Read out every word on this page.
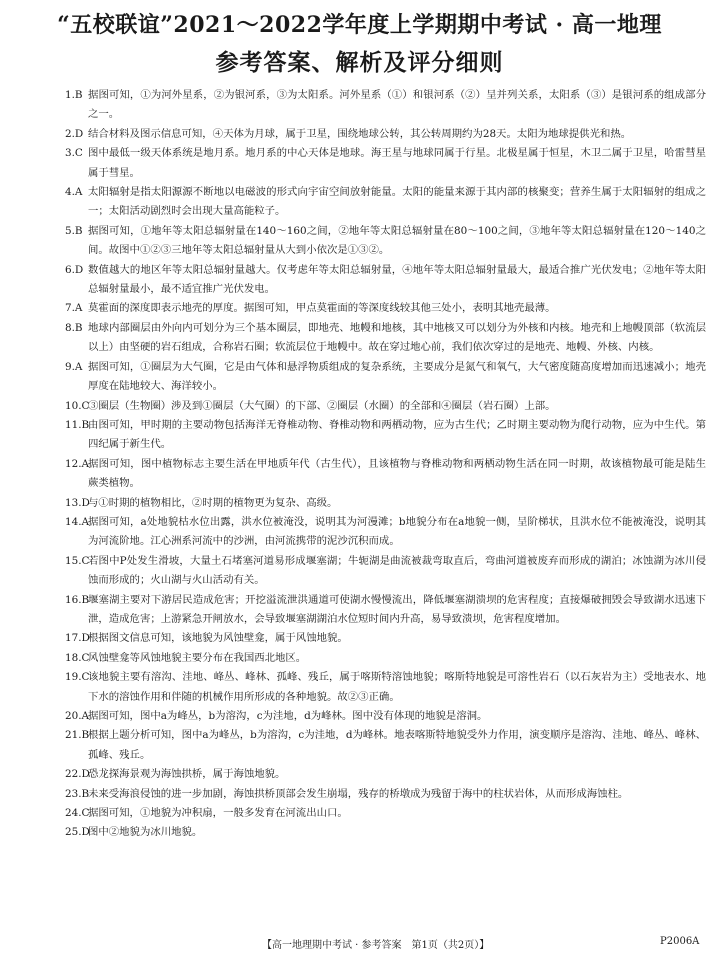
“五校联谊”2021～2022学年度上学期期中考试 · 高一地理
参考答案、解析及评分细则
1.B 据图可知，①为河外星系，②为银河系，③为太阳系。河外星系（①）和银河系（②）呈并列关系，太阳系（③）是银河系的组成部分之一。
2.D 结合材料及图示信息可知，④天体为月球，属于卫星，围绕地球公转，其公转周期约为28天。太阳为地球提供光和热。
3.C 图中最低一级天体系统是地月系。地月系的中心天体是地球。海王星与地球同属于行星。北极星属于恒星，木卫二属于卫星，哈雷彗星属于彗星。
4.A 太阳辐射是指太阳源源不断地以电磁波的形式向宇宙空间放射能量。太阳的能量来源于其内部的核聚变；营养生属于太阳辐射的组成之一；太阳活动剧烈时会出现大量高能粒子。
5.B 据图可知，①地年等太阳总辐射量在140～160之间，②地年等太阳总辐射量在80～100之间，③地年等太阳总辐射量在120～140之间。故图中①②③三地年等太阳总辐射量从大到小依次是①③②。
6.D 数值越大的地区年等太阳总辐射量越大。仅考虑年等太阳总辐射量，④地年等太阳总辐射量最大，最适合推广光伏发电；②地年等太阳总辐射量最小，最不适宜推广光伏发电。
7.A 莫霍面的深度即表示地壳的厚度。据图可知，甲点莫霍面的等深度线较其他三处小，表明其地壳最薄。
8.B 地球内部圈层由外向内可划分为三个基本圈层，即地壳、地幔和地核，其中地核又可以划分为外核和内核。地壳和上地幔顶部（软流层以上）由坚硬的岩石组成，合称岩石圈；软流层位于地幔中。故在穿过地心前，我们依次穿过的是地壳、地幔、外核、内核。
9.A 据图可知，①圈层为大气圈，它是由气体和悬浮物质组成的复杂系统，主要成分是氮气和氧气，大气密度随高度增加而迅速减小；地壳厚度在陆地较大、海洋较小。
10.C
③圈层（生物圈）涉及到①圈层（大气圈）的下部、②圈层（水圈）的全部和④圈层（岩石圈）上部。
11.B
由图可知，甲时期的主要动物包括海洋无脊椎动物、脊椎动物和两栖动物，应为古生代；乙时期主要动物为爬行动物，应为中生代。第四纪属于新生代。
12.A
据图可知，图中植物标志主要生活在甲地质年代（古生代），且该植物与脊椎动物和两栖动物生活在同一时期，故该植物最可能是陆生蕨类植物。
13.D
与①时期的植物相比，②时期的植物更为复杂、高级。
14.A
据图可知，a处地貌枯水位出露，洪水位被淹没，说明其为河漫滩；b地貌分布在a地貌一侧，呈阶梯状，且洪水位不能被淹没，说明其为河流阶地。江心洲系河流中的沙洲，由河流携带的泥沙沉积而成。
15.C
若图中P处发生滑坡，大量土石堵塞河道易形成堰塞湖；牛轭湖是曲流被裁弯取直后，弯曲河道被废弃而形成的湖泊；冰蚀湖为冰川侵蚀而形成的；火山湖与火山活动有关。
16.B
堰塞湖主要对下游居民造成危害；开挖溢流泄洪通道可使湖水慢慢流出，降低堰塞湖溃坝的危害程度；直接爆破拥毁会导致湖水迅速下泄，造成危害；上游紧急开闸放水，会导致堰塞湖湖泊水位短时间内升高，易导致溃坝，危害程度增加。
17.D
根据图文信息可知，该地貌为风蚀壁龛，属于风蚀地貌。
18.C
风蚀壁龛等风蚀地貌主要分布在我国西北地区。
19.C
该地貌主要有溶沟、洼地、峰丛、峰林、孤峰、残丘，属于喀斯特溶蚀地貌；喀斯特地貌是可溶性岩石（以石灰岩为主）受地表水、地下水的溶蚀作用和伴随的机械作用所形成的各种地貌。故②③正确。
20.A
据图可知，图中a为峰丛，b为溶沟，c为洼地，d为峰林。图中没有体现的地貌是溶洞。
21.B
根据上题分析可知，图中a为峰丛，b为溶沟，c为洼地，d为峰林。地表喀斯特地貌受外力作用，演变顺序是溶沟、洼地、峰丛、峰林、孤峰、残丘。
22.D
恐龙探海景观为海蚀拱桥，属于海蚀地貌。
23.B
未来受海浪侵蚀的进一步加剧，海蚀拱桥顶部会发生崩塌，残存的桥墩成为残留于海中的柱状岩体，从而形成海蚀柱。
24.C
据图可知，①地貌为冲积扇，一般多发育在河流出山口。
25.D
图中②地貌为冰川地貌。
【高一地理期中考试 · 参考答案　第1页（共2页）】	P2006A
